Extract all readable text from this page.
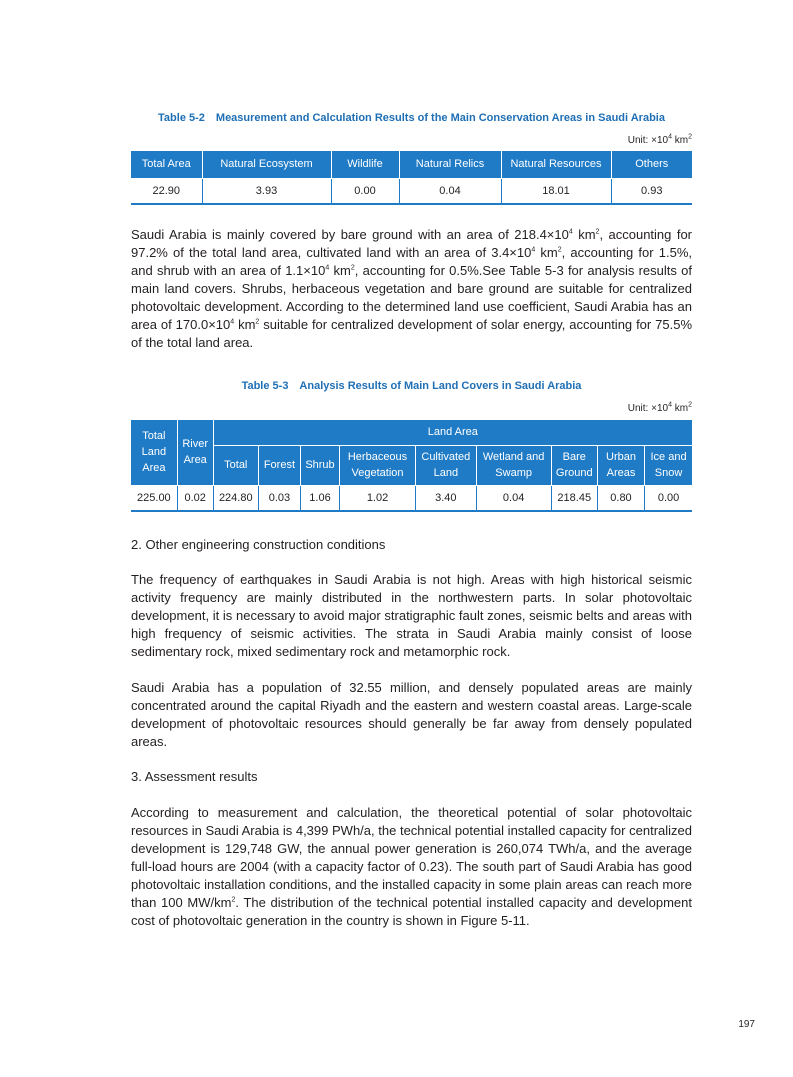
Table 5-2 Measurement and Calculation Results of the Main Conservation Areas in Saudi Arabia
Unit: $\times 10^4$ $km^2$
Total Area	Natural Ecosystem	Wildlife	Natural Relics	Natural Resources	Others
22.90	3.93	0.00	0.04	18.01	0.93
Saudi Arabia is mainly covered by bare ground with an area of $218.4\times 10^4$ $km^2$, accounting for 97.2% of the total land area, cultivated land with an area of $3.4\times 10^4$ $km^2$, accounting for 1.5%, and shrub with an area of $1.1\times 10^4$ $km^2$, accounting for 0.5%.See Table 5-3 for analysis results of main land covers. Shrubs, herbaceous vegetation and bare ground are suitable for centralized photovoltaic development. According to the determined land use coefficient, Saudi Arabia has an area of $170.0\times 10^4$ $km^2$ suitable for centralized development of solar energy, accounting for 75.5% of the total land area.
Table 5-3 Analysis Results of Main Land Covers in Saudi Arabia
Unit: $\times 10^4$ $km^2$
Total Land Area	River Area	Land Area								
		Total	Forest	Shrub	Herbaceous Vegetation	Cultivated Land	Wetland and Swamp	Bare Ground	Urban Areas	Ice and Snow
225.00	0.02	224.80	0.03	1.06	1.02	3.40	0.04	218.45	0.80	0.00
2. Other engineering construction conditions
The frequency of earthquakes in Saudi Arabia is not high. Areas with high historical seismic activity frequency are mainly distributed in the northwestern parts. In solar photovoltaic development, it is necessary to avoid major stratigraphic fault zones, seismic belts and areas with high frequency of seismic activities. The strata in Saudi Arabia mainly consist of loose sedimentary rock, mixed sedimentary rock and metamorphic rock.
Saudi Arabia has a population of 32.55 million, and densely populated areas are mainly concentrated around the capital Riyadh and the eastern and western coastal areas. Large-scale development of photovoltaic resources should generally be far away from densely populated areas.
3. Assessment results
According to measurement and calculation, the theoretical potential of solar photovoltaic resources in Saudi Arabia is 4,399 PWh/a, the technical potential installed capacity for centralized development is 129,748 GW, the annual power generation is 260,074 TWh/a, and the average full-load hours are 2004 (with a capacity factor of 0.23). The south part of Saudi Arabia has good photovoltaic installation conditions, and the installed capacity in some plain areas can reach more than 100 $MW/km^2$. The distribution of the technical potential installed capacity and development cost of photovoltaic generation in the country is shown in Figure 5-11.
197
